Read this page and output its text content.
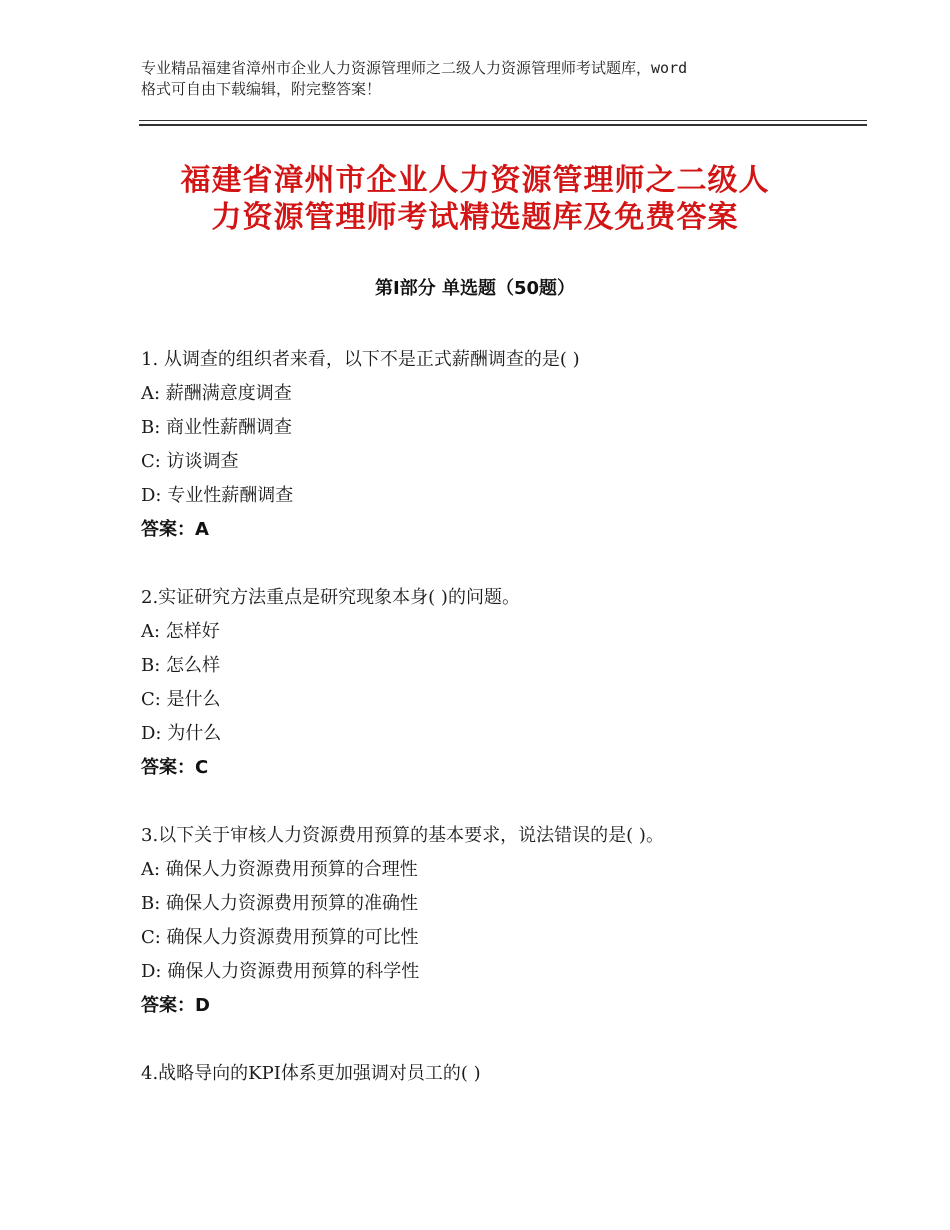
专业精品福建省漳州市企业人力资源管理师之二级人力资源管理师考试题库，word
格式可自由下载编辑，附完整答案！
福建省漳州市企业人力资源管理师之二级人
力资源管理师考试精选题库及免费答案
第Ⅰ部分 单选题（50题）
1. 从调查的组织者来看，以下不是正式薪酬调查的是( )
A: 薪酬满意度调查
B: 商业性薪酬调查
C: 访谈调查
D: 专业性薪酬调查
答案：A
2.实证研究方法重点是研究现象本身( )的问题。
A: 怎样好
B: 怎么样
C: 是什么
D: 为什么
答案：C
3.以下关于审核人力资源费用预算的基本要求，说法错误的是( )。
A: 确保人力资源费用预算的合理性
B: 确保人力资源费用预算的准确性
C: 确保人力资源费用预算的可比性
D: 确保人力资源费用预算的科学性
答案：D
4.战略导向的KPI体系更加强调对员工的( )
